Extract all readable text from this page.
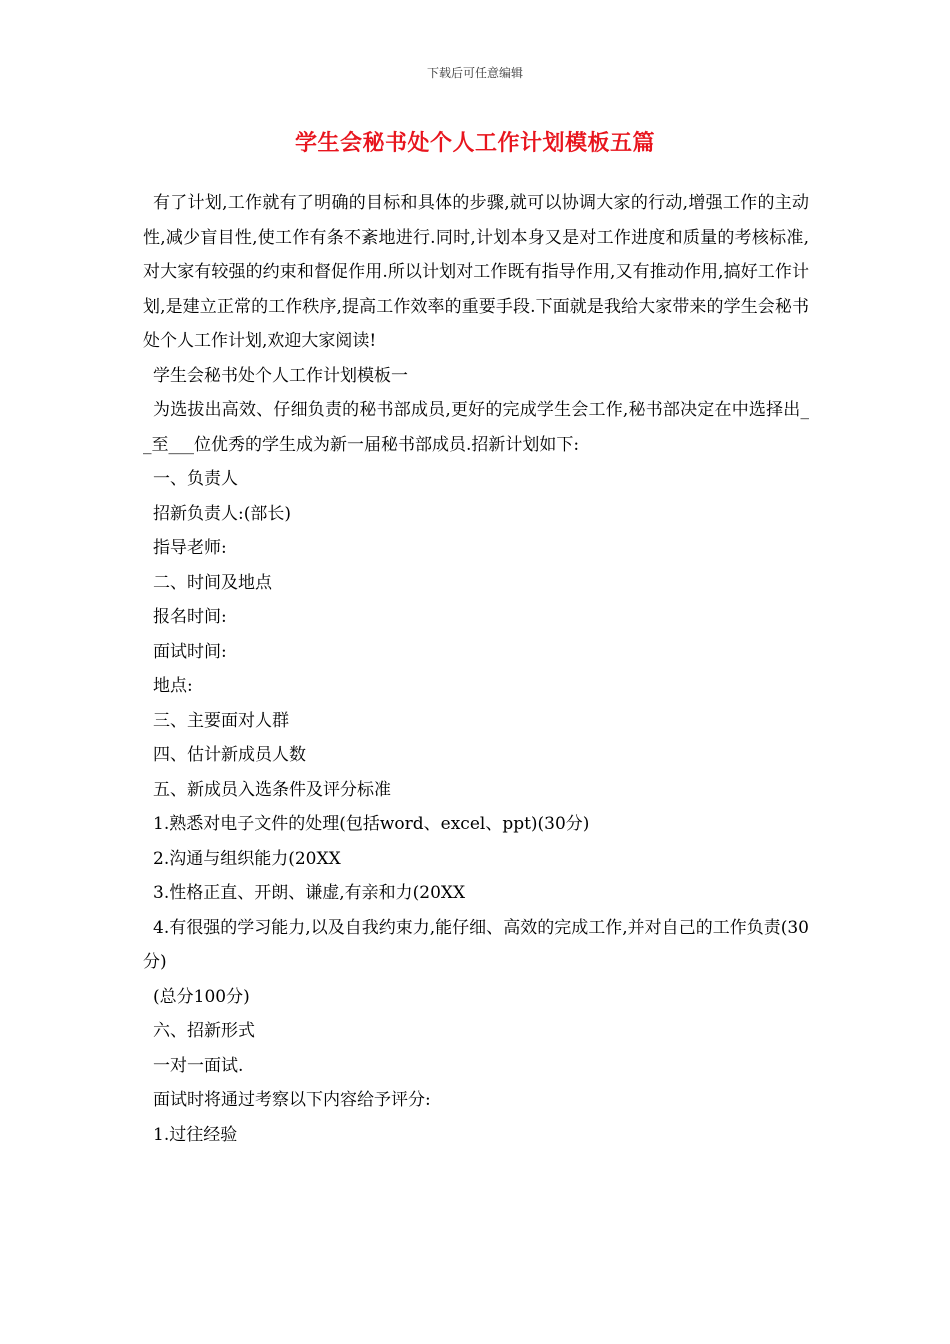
下载后可任意编辑
学生会秘书处个人工作计划模板五篇

有了计划,工作就有了明确的目标和具体的步骤,就可以协调大家的行动,增强工作的主动性,减少盲目性,使工作有条不紊地进行.同时,计划本身又是对工作进度和质量的考核标准,对大家有较强的约束和督促作用.所以计划对工作既有指导作用,又有推动作用,搞好工作计划,是建立正常的工作秩序,提高工作效率的重要手段.下面就是我给大家带来的学生会秘书处个人工作计划,欢迎大家阅读!

学生会秘书处个人工作计划模板一

为选拔出高效、仔细负责的秘书部成员,更好的完成学生会工作,秘书部决定在中选择出__至___位优秀的学生成为新一届秘书部成员.招新计划如下:

一、负责人

招新负责人:(部长)

指导老师:

二、时间及地点

报名时间:

面试时间:

地点:

三、主要面对人群

四、估计新成员人数

五、新成员入选条件及评分标准

1.熟悉对电子文件的处理(包括word、excel、ppt)(30分)

2.沟通与组织能力(20XX

3.性格正直、开朗、谦虚,有亲和力(20XX

4.有很强的学习能力,以及自我约束力,能仔细、高效的完成工作,并对自己的工作负责(30分)

(总分100分)

六、招新形式

一对一面试.

面试时将通过考察以下内容给予评分:

1.过往经验
